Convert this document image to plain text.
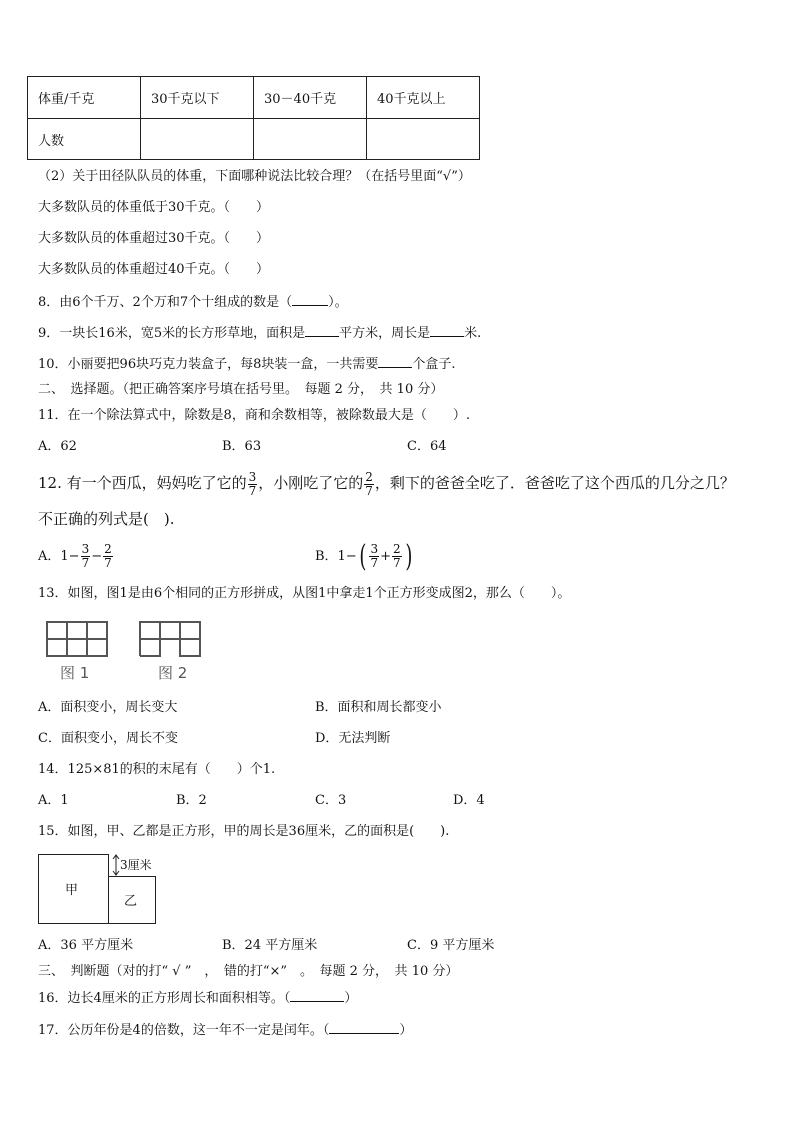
体重/千克	30千克以下	30－40千克	40千克以上
人数			
（2）关于田径队队员的体重，下面哪种说法比较合理？（在括号里面“√”）
大多数队员的体重低于30千克。（　　）
大多数队员的体重超过30千克。（　　）
大多数队员的体重超过40千克。（　　）
8．由6个千万、2个万和7个十组成的数是（	）。
9．一块长16米，宽5米的长方形草地，面积是	平方米，周长是	米.
10．小丽要把96块巧克力装盒子，每8块装一盒，一共需要	个盒子.
二、　选择题。（把正确答案序号填在括号里。　每题 2 分，　共 10 分）
11．在一个除法算式中，除数是8，商和余数相等，被除数最大是（　　）.
A．62	B．63	C．64
12. 有一个西瓜，妈妈吃了它的 $\frac{3}{7}$ ，小刚吃了它的 $\frac{2}{7}$ ，剩下的爸爸全吃了．爸爸吃了这个西瓜的几分之几？
不正确的列式是(　).
A．$1- \frac{3}{7} - \frac{2}{7}$	B．$1-( \frac{3}{7} + \frac{2}{7}$ )
13．如图，图1是由6个相同的正方形拼成，从图1中拿走1个正方形变成图2，那么（　　）。
图 1	图 2
A．面积变小，周长变大	B．面积和周长都变小
C．面积变小，周长不变	D．无法判断
14．125×81的积的末尾有（　　）个1.
A．1	B．2	C．3	D．4
15．如图，甲、乙都是正方形，甲的周长是36厘米，乙的面积是(　　).
甲
乙
3厘米
A．36 平方厘米	B．24 平方厘米	C．9 平方厘米
三、　判断题（对的打“ √ ”　，　错的打“×”　。　每题 2 分，　共 10 分）
16．边长4厘米的正方形周长和面积相等。（	）
17．公历年份是4的倍数，这一年不一定是闰年。（	）
